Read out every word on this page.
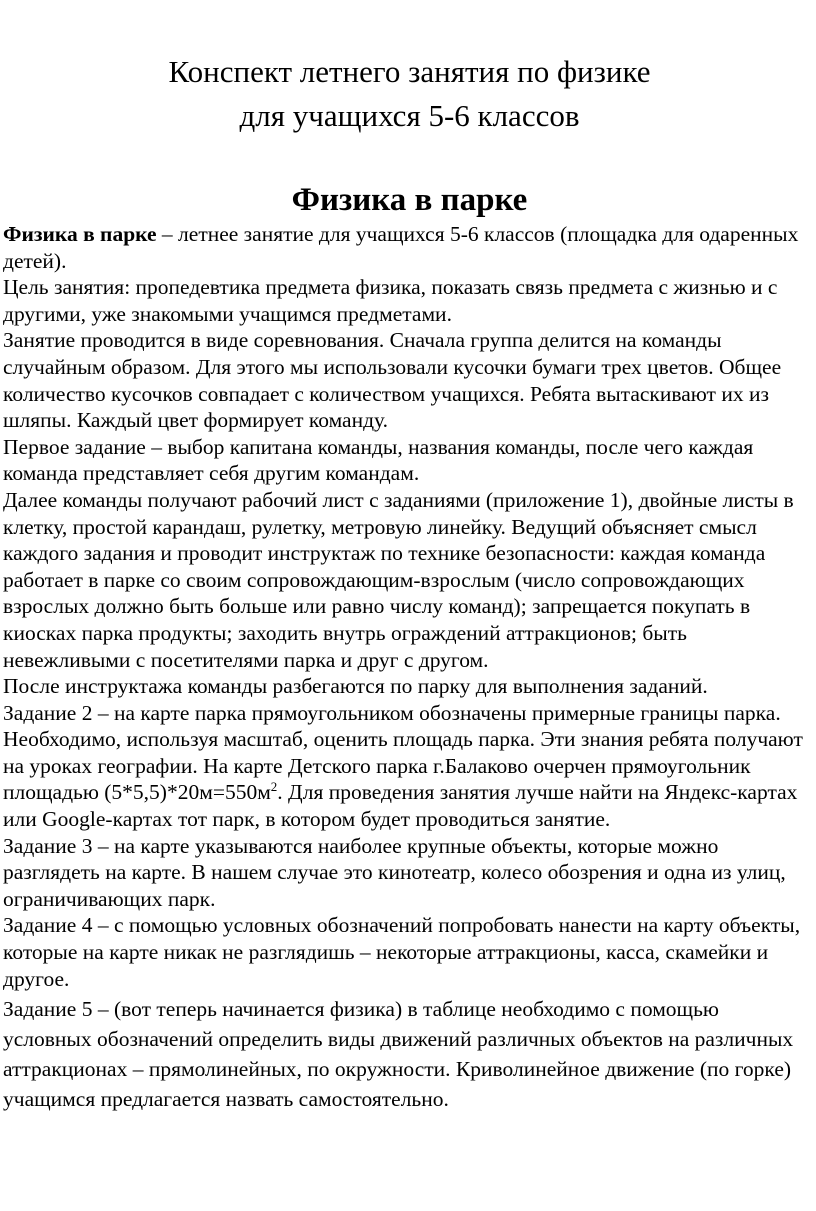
Конспект летнего занятия по физике
для учащихся 5-6 классов
Физика в парке

Физика в парке – летнее занятие для учащихся 5-6 классов (площадка для одаренных детей).

Цель занятия: пропедевтика предмета физика, показать связь предмета с жизнью и с другими, уже знакомыми учащимся предметами.

Занятие проводится в виде соревнования. Сначала группа делится на команды случайным образом. Для этого мы использовали кусочки бумаги трех цветов. Общее количество кусочков совпадает с количеством учащихся. Ребята вытаскивают их из шляпы. Каждый цвет формирует команду.

Первое задание – выбор капитана команды, названия команды, после чего каждая команда представляет себя другим командам.

Далее команды получают рабочий лист с заданиями (приложение 1), двойные листы в клетку, простой карандаш, рулетку, метровую линейку. Ведущий объясняет смысл каждого задания и проводит инструктаж по технике безопасности: каждая команда работает в парке со своим сопровождающим-взрослым (число сопровождающих взрослых должно быть больше или равно числу команд); запрещается покупать в киосках парка продукты; заходить внутрь ограждений аттракционов; быть невежливыми с посетителями парка и друг с другом.

После инструктажа команды разбегаются по парку для выполнения заданий.

Задание 2 – на карте парка прямоугольником обозначены примерные границы парка. Необходимо, используя масштаб, оценить площадь парка. Эти знания ребята получают на уроках географии. На карте Детского парка г.Балаково очерчен прямоугольник площадью $(5*5,5)*20м=550м^2$. Для проведения занятия лучше найти на Яндекс-картах или Google-картах тот парк, в котором будет проводиться занятие.

Задание 3 – на карте указываются наиболее крупные объекты, которые можно разглядеть на карте. В нашем случае это кинотеатр, колесо обозрения и одна из улиц, ограничивающих парк.

Задание 4 – с помощью условных обозначений попробовать нанести на карту объекты, которые на карте никак не разглядишь – некоторые аттракционы, касса, скамейки и другое.

Задание 5 – (вот теперь начинается физика) в таблице необходимо с помощью условных обозначений определить виды движений различных объектов на различных аттракционах – прямолинейных, по окружности. Криволинейное движение (по горке) учащимся предлагается назвать самостоятельно.
